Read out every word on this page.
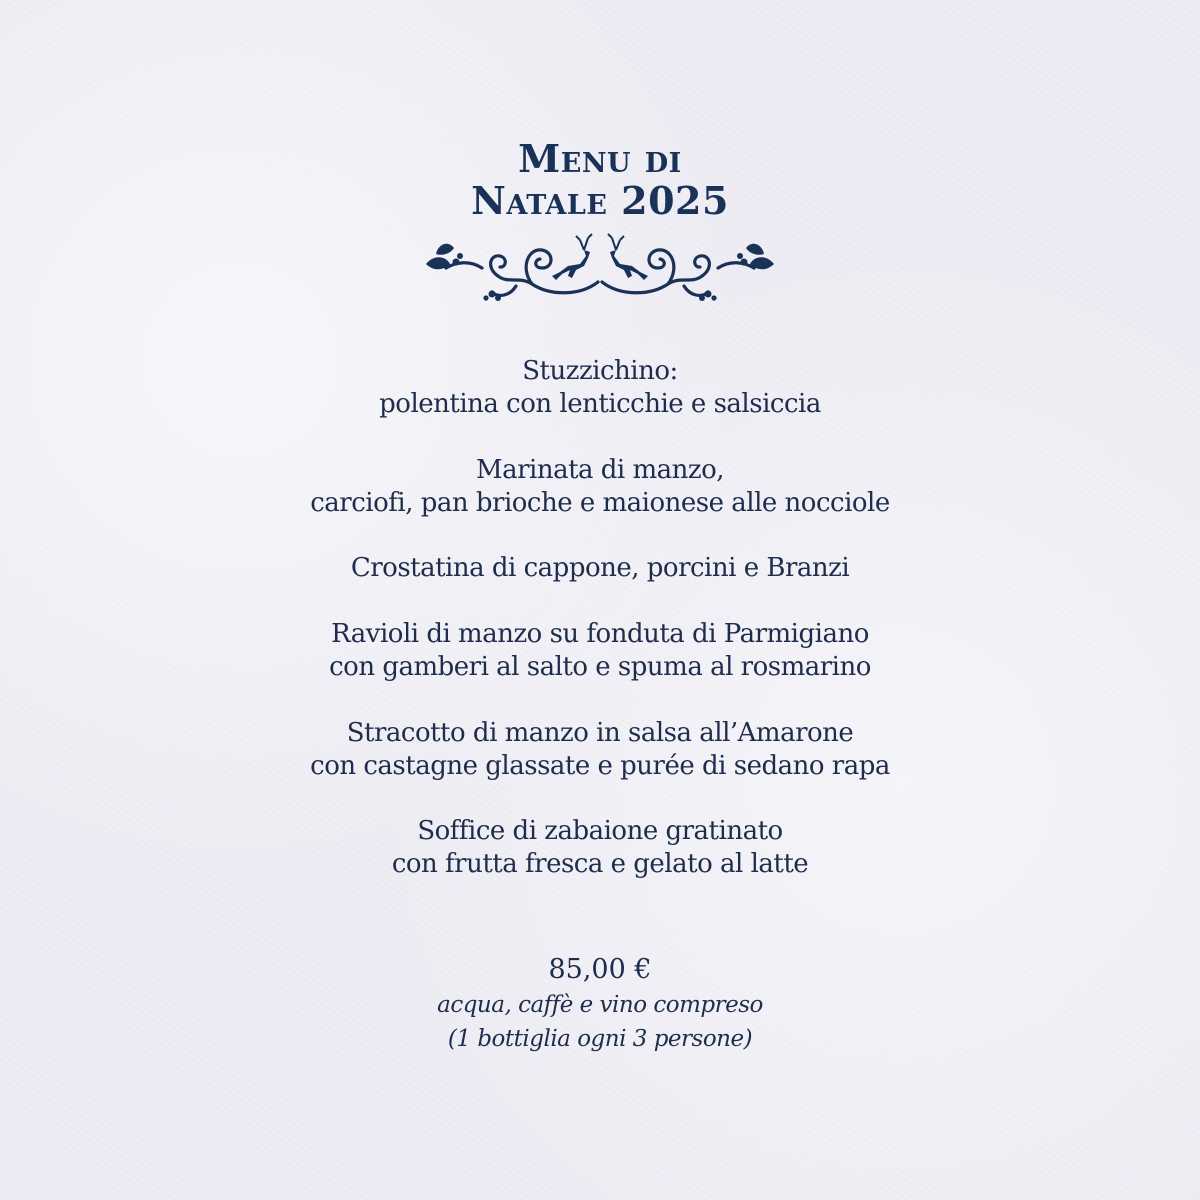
Menu di
Natale 2025
Stuzzichino:
polentina con lenticchie e salsiccia
Marinata di manzo,
carciofi, pan brioche e maionese alle nocciole
Crostatina di cappone, porcini e Branzi
Ravioli di manzo su fonduta di Parmigiano
con gamberi al salto e spuma al rosmarino
Stracotto di manzo in salsa all’Amarone
con castagne glassate e purée di sedano rapa
Soffice di zabaione gratinato
con frutta fresca e gelato al latte
85,00 €
acqua, caffè e vino compreso
(1 bottiglia ogni 3 persone)
